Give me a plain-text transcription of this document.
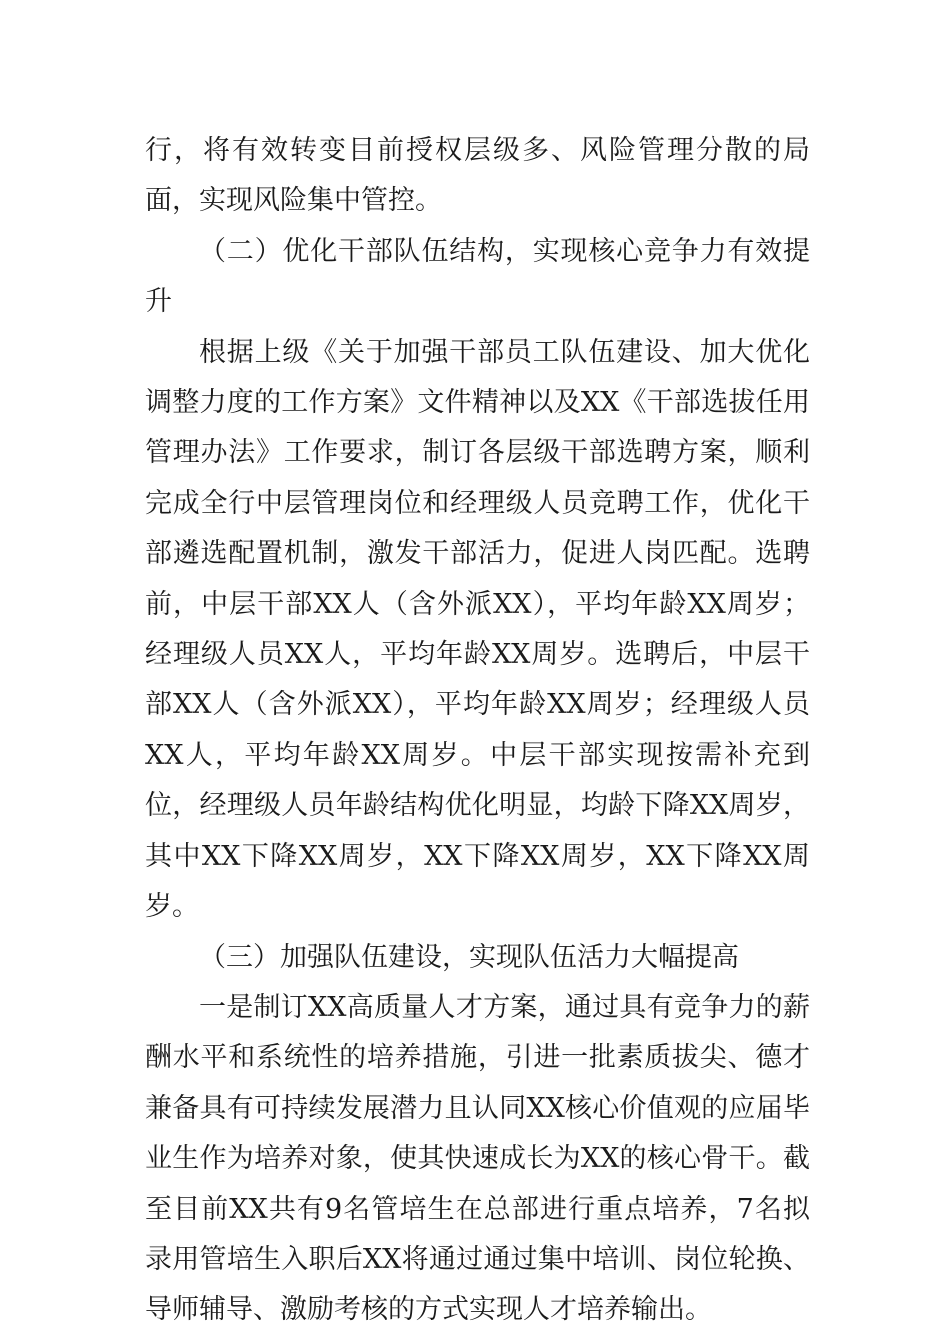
行，将有效转变目前授权层级多、风险管理分散的局面，实现风险集中管控。

（二）优化干部队伍结构，实现核心竞争力有效提升

根据上级《关于加强干部员工队伍建设、加大优化调整力度的工作方案》文件精神以及XX《干部选拔任用管理办法》工作要求，制订各层级干部选聘方案，顺利完成全行中层管理岗位和经理级人员竞聘工作，优化干部遴选配置机制，激发干部活力，促进人岗匹配。选聘前，中层干部XX人（含外派XX），平均年龄XX周岁；经理级人员XX人，平均年龄XX周岁。选聘后，中层干部XX人（含外派XX），平均年龄XX周岁；经理级人员XX人，平均年龄XX周岁。中层干部实现按需补充到位，经理级人员年龄结构优化明显，均龄下降XX周岁，其中XX下降XX周岁，XX下降XX周岁，XX下降XX周岁。

（三）加强队伍建设，实现队伍活力大幅提高

一是制订XX高质量人才方案，通过具有竞争力的薪酬水平和系统性的培养措施，引进一批素质拔尖、德才兼备具有可持续发展潜力且认同XX核心价值观的应届毕业生作为培养对象，使其快速成长为XX的核心骨干。截至目前XX共有9名管培生在总部进行重点培养，7名拟录用管培生入职后XX将通过通过集中培训、岗位轮换、导师辅导、激励考核的方式实现人才培养输出。
